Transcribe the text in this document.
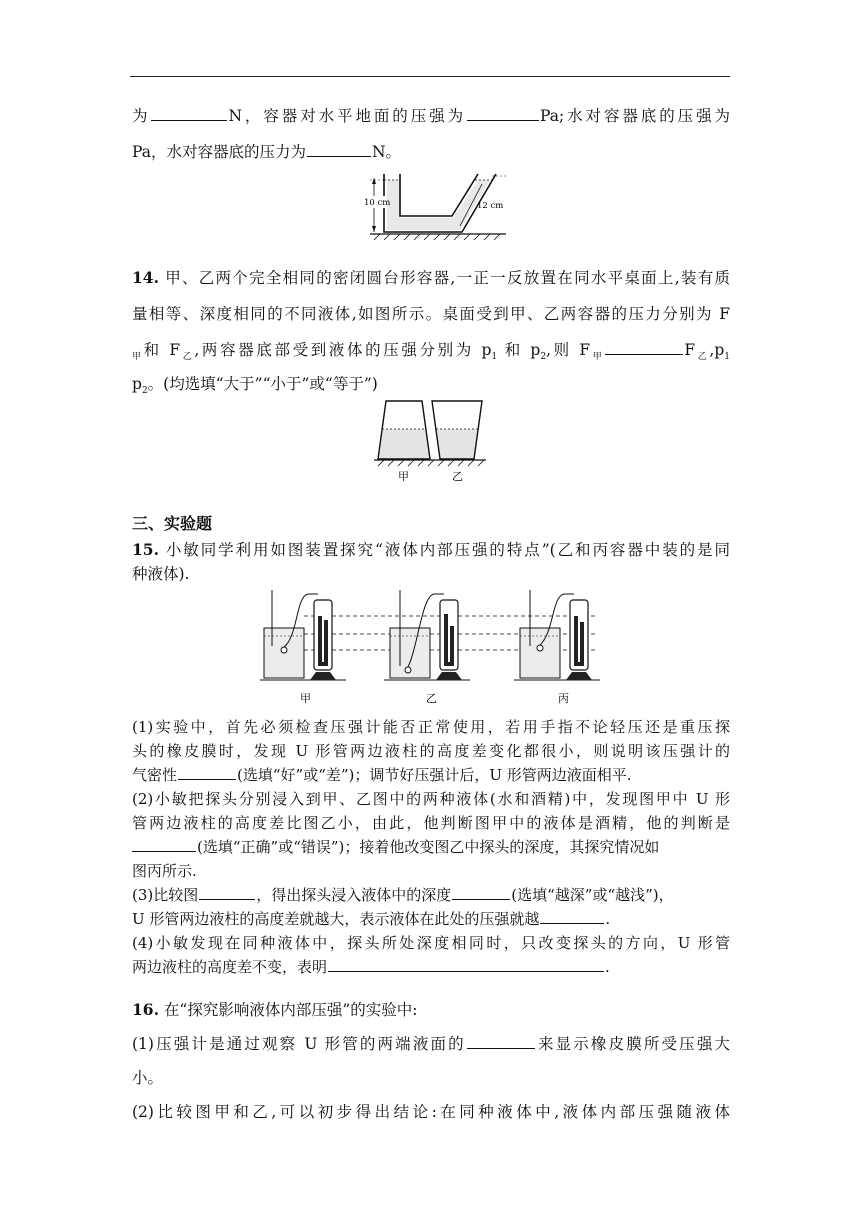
为	N，容器对水平地面的压强为	Pa;水对容器底的压强为
Pa，水对容器底的压力为	N。
10 cm	12 cm
14. 甲、乙两个完全相同的密闭圆台形容器,一正一反放置在同水平桌面上,装有质
量相等、深度相同的不同液体,如图所示。桌面受到甲、乙两容器的压力分别为 F
$_甲$和 $F_乙$,两容器底部受到液体的压强分别为 $p_1$ 和 $p_2$,则 $F_甲$	$F_乙,p_1$
$p_2$。(均选填“大于”“小于”或“等于”)
甲	乙
三、实验题
15. 小敏同学利用如图装置探究“液体内部压强的特点”(乙和丙容器中装的是同
种液体).
甲	乙	丙
(1)实验中，首先必须检查压强计能否正常使用，若用手指不论轻压还是重压探
头的橡皮膜时，发现 U 形管两边液柱的高度差变化都很小，则说明该压强计的
气密性	(选填“好”或“差”)；调节好压强计后，U 形管两边液面相平.
(2)小敏把探头分别浸入到甲、乙图中的两种液体(水和酒精)中，发现图甲中 U 形
管两边液柱的高度差比图乙小，由此，他判断图甲中的液体是酒精，他的判断是
(选填“正确”或“错误”)；接着他改变图乙中探头的深度，其探究情况如
图丙所示.
(3)比较图	，得出探头浸入液体中的深度	(选填“越深”或“越浅”)，
U 形管两边液柱的高度差就越大，表示液体在此处的压强就越	.
(4)小敏发现在同种液体中，探头所处深度相同时，只改变探头的方向，U 形管
两边液柱的高度差不变，表明	.
16. 在“探究影响液体内部压强”的实验中:
(1)压强计是通过观察 U 形管的两端液面的	来显示橡皮膜所受压强大
小。
(2)比较图甲和乙,可以初步得出结论:在同种液体中,液体内部压强随液体
